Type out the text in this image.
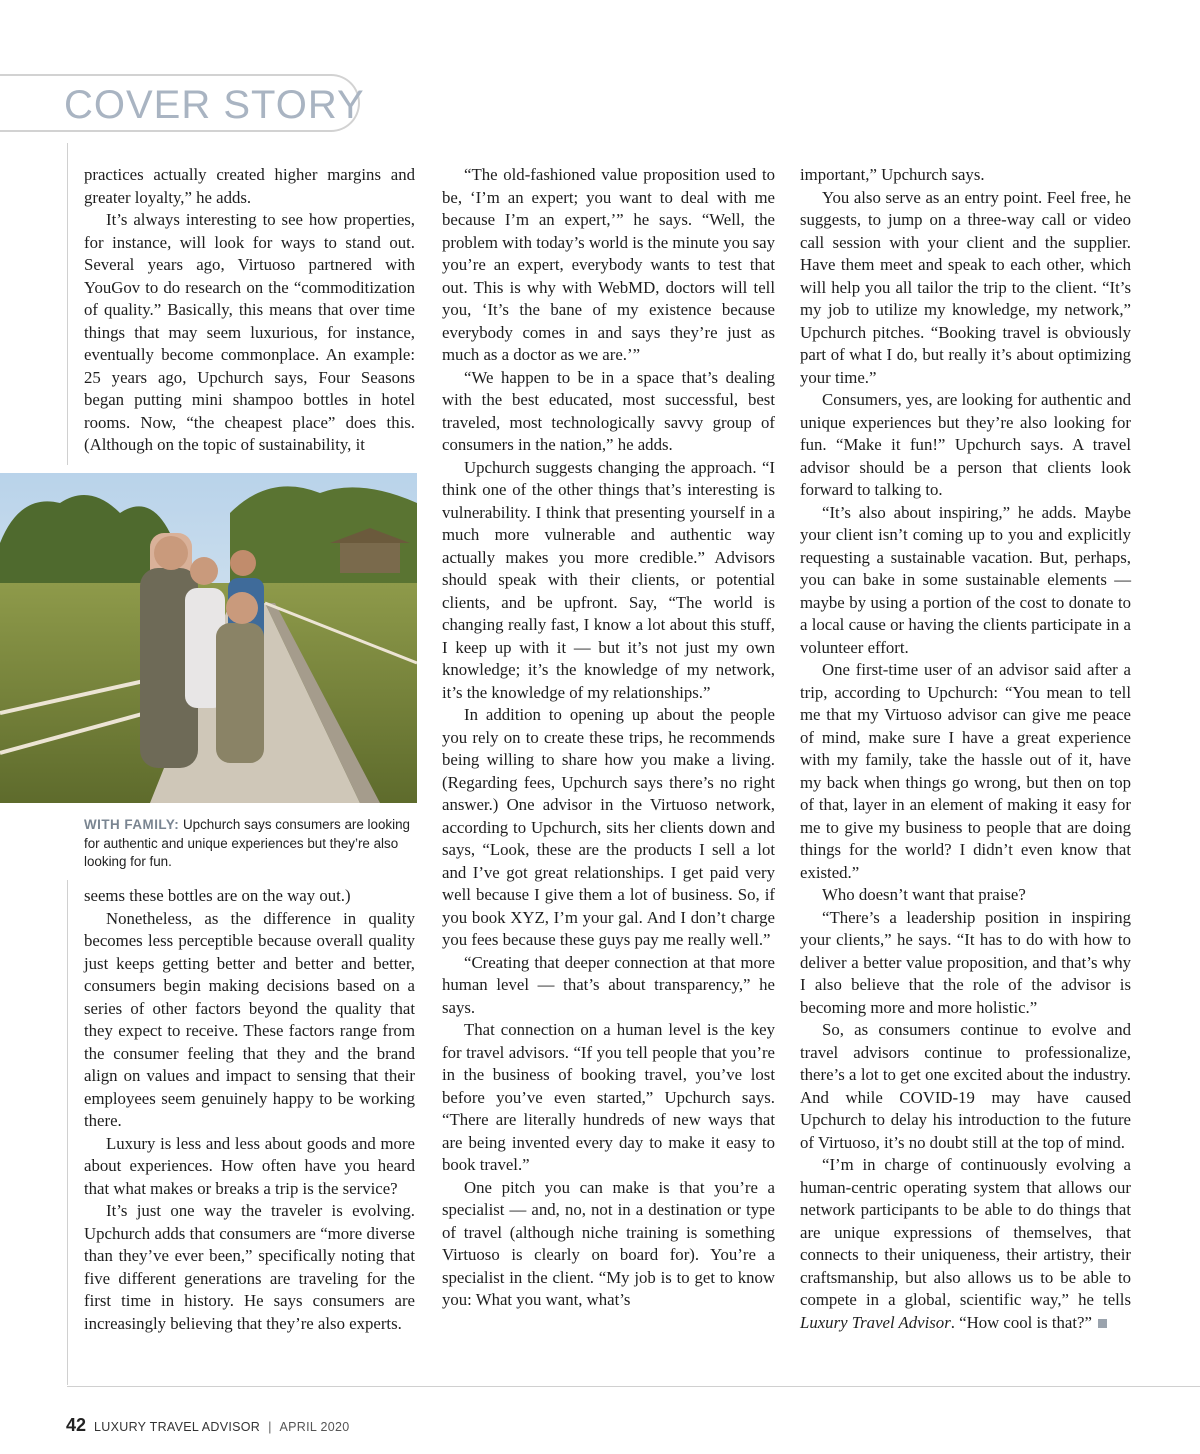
COVER STORY

practices actually created higher margins and greater loyalty,” he adds.

It’s always interesting to see how properties, for instance, will look for ways to stand out. Several years ago, Virtuoso partnered with YouGov to do research on the “commoditization of quality.” Basically, this means that over time things that may seem luxurious, for instance, eventually become commonplace. An example: 25 years ago, Upchurch says, Four Seasons began putting mini shampoo bottles in hotel rooms. Now, “the cheapest place” does this. (Although on the topic of sustainability, it

WITH FAMILY: Upchurch says consumers are looking for authentic and unique experiences but they’re also looking for fun.

seems these bottles are on the way out.)

Nonetheless, as the difference in quality becomes less perceptible because overall quality just keeps getting better and better and better, consumers begin making decisions based on a series of other factors beyond the quality that they expect to receive. These factors range from the consumer feeling that they and the brand align on values and impact to sensing that their employees seem genuinely happy to be working there.

Luxury is less and less about goods and more about experiences. How often have you heard that what makes or breaks a trip is the service?

It’s just one way the traveler is evolving. Upchurch adds that consumers are “more diverse than they’ve ever been,” specifically noting that five different generations are traveling for the first time in history. He says consumers are increasingly believing that they’re also experts.

“The old-fashioned value proposition used to be, ‘I’m an expert; you want to deal with me because I’m an expert,’” he says. “Well, the problem with today’s world is the minute you say you’re an expert, everybody wants to test that out. This is why with WebMD, doctors will tell you, ‘It’s the bane of my existence because everybody comes in and says they’re just as much as a doctor as we are.’”

“We happen to be in a space that’s dealing with the best educated, most successful, best traveled, most technologically savvy group of consumers in the nation,” he adds.

Upchurch suggests changing the approach. “I think one of the other things that’s interesting is vulnerability. I think that presenting yourself in a much more vulnerable and authentic way actually makes you more credible.” Advisors should speak with their clients, or potential clients, and be upfront. Say, “The world is changing really fast, I know a lot about this stuff, I keep up with it — but it’s not just my own knowledge; it’s the knowledge of my network, it’s the knowledge of my relationships.”

In addition to opening up about the people you rely on to create these trips, he recommends being willing to share how you make a living. (Regarding fees, Upchurch says there’s no right answer.) One advisor in the Virtuoso network, according to Upchurch, sits her clients down and says, “Look, these are the products I sell a lot and I’ve got great relationships. I get paid very well because I give them a lot of business. So, if you book XYZ, I’m your gal. And I don’t charge you fees because these guys pay me really well.”

“Creating that deeper connection at that more human level — that’s about transparency,” he says.

That connection on a human level is the key for travel advisors. “If you tell people that you’re in the business of booking travel, you’ve lost before you’ve even started,” Upchurch says. “There are literally hundreds of new ways that are being invented every day to make it easy to book travel.”

One pitch you can make is that you’re a specialist — and, no, not in a destination or type of travel (although niche training is something Virtuoso is clearly on board for). You’re a specialist in the client. “My job is to get to know you: What you want, what’s

important,” Upchurch says.

You also serve as an entry point. Feel free, he suggests, to jump on a three-way call or video call session with your client and the supplier. Have them meet and speak to each other, which will help you all tailor the trip to the client. “It’s my job to utilize my knowledge, my network,” Upchurch pitches. “Booking travel is obviously part of what I do, but really it’s about optimizing your time.”

Consumers, yes, are looking for authentic and unique experiences but they’re also looking for fun. “Make it fun!” Upchurch says. A travel advisor should be a person that clients look forward to talking to.

“It’s also about inspiring,” he adds. Maybe your client isn’t coming up to you and explicitly requesting a sustainable vacation. But, perhaps, you can bake in some sustainable elements — maybe by using a portion of the cost to donate to a local cause or having the clients participate in a volunteer effort.

One first-time user of an advisor said after a trip, according to Upchurch: “You mean to tell me that my Virtuoso advisor can give me peace of mind, make sure I have a great experience with my family, take the hassle out of it, have my back when things go wrong, but then on top of that, layer in an element of making it easy for me to give my business to people that are doing things for the world? I didn’t even know that existed.”

Who doesn’t want that praise?

“There’s a leadership position in inspiring your clients,” he says. “It has to do with how to deliver a better value proposition, and that’s why I also believe that the role of the advisor is becoming more and more holistic.”

So, as consumers continue to evolve and travel advisors continue to professionalize, there’s a lot to get one excited about the industry. And while COVID-19 may have caused Upchurch to delay his introduction to the future of Virtuoso, it’s no doubt still at the top of mind.

“I’m in charge of continuously evolving a human-centric operating system that allows our network participants to be able to do things that are unique expressions of themselves, that connects to their uniqueness, their artistry, their craftsmanship, but also allows us to be able to compete in a global, scientific way,” he tells Luxury Travel Advisor. “How cool is that?”

42 LUXURY TRAVEL ADVISOR | APRIL 2020
